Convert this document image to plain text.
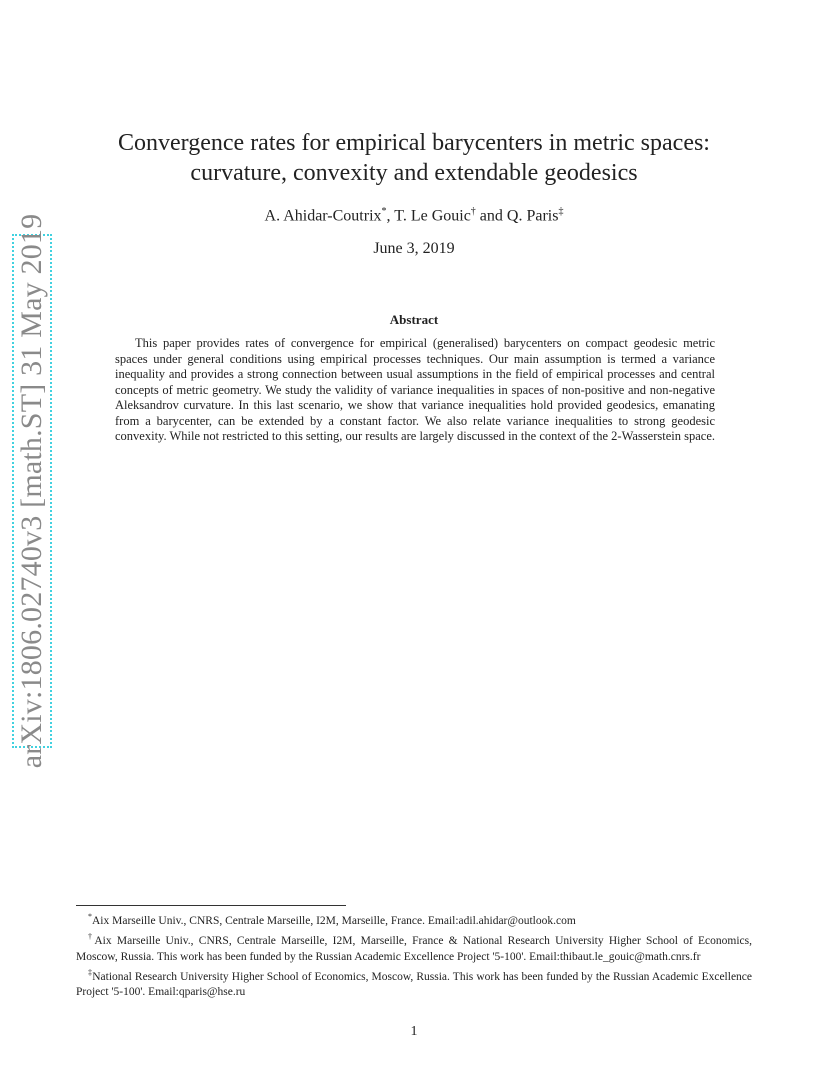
arXiv:1806.02740v3 [math.ST] 31 May 2019
Convergence rates for empirical barycenters in metric spaces:
curvature, convexity and extendable geodesics
A. Ahidar-Coutrix*, T. Le Gouic† and Q. Paris‡
June 3, 2019
Abstract
This paper provides rates of convergence for empirical (generalised) barycenters on compact geodesic metric spaces under general conditions using empirical processes techniques. Our main assumption is termed a variance inequality and provides a strong connection between usual assumptions in the field of empirical processes and central concepts of metric geometry. We study the validity of variance inequalities in spaces of non-positive and non-negative Aleksandrov curvature. In this last scenario, we show that variance inequalities hold provided geodesics, emanating from a barycenter, can be extended by a constant factor. We also relate variance inequalities to strong geodesic convexity. While not restricted to this setting, our results are largely discussed in the context of the 2-Wasserstein space.
*Aix Marseille Univ., CNRS, Centrale Marseille, I2M, Marseille, France. Email:adil.ahidar@outlook.com
†Aix Marseille Univ., CNRS, Centrale Marseille, I2M, Marseille, France & National Research University Higher School of Economics, Moscow, Russia. This work has been funded by the Russian Academic Excellence Project '5-100'. Email:thibaut.le_gouic@math.cnrs.fr
‡National Research University Higher School of Economics, Moscow, Russia. This work has been funded by the Russian Academic Excellence Project '5-100'. Email:qparis@hse.ru
1
